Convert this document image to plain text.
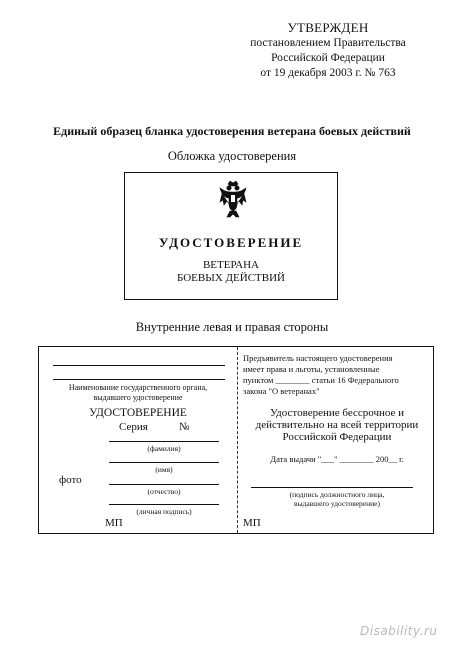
УТВЕРЖДЕН
постановлением Правительства
Российской Федерации
от 19 декабря 2003 г. № 763
Единый образец бланка удостоверения ветерана боевых действий
Обложка удостоверения
УДОСТОВЕРЕНИЕ
ВЕТЕРАНА
БОЕВЫХ ДЕЙСТВИЙ
Внутренние левая и правая стороны
Наименование государственного органа,
выдавшего удостоверение
УДОСТОВЕРЕНИЕ
Серия	№
(фамилия)
(имя)
фото
(отчество)
(личная подпись)
МП
Предъявитель настоящего удостоверения
имеет права и льготы, установленные
пунктом ________ статьи 16 Федерального
закона "О ветеранах"
Удостоверение бессрочное и
действительно на всей территории
Российской Федерации
Дата выдачи "___" ________ 200__ г.
(подпись должностного лица,
выдавшего удостоверение)
МП
Disability.ru
